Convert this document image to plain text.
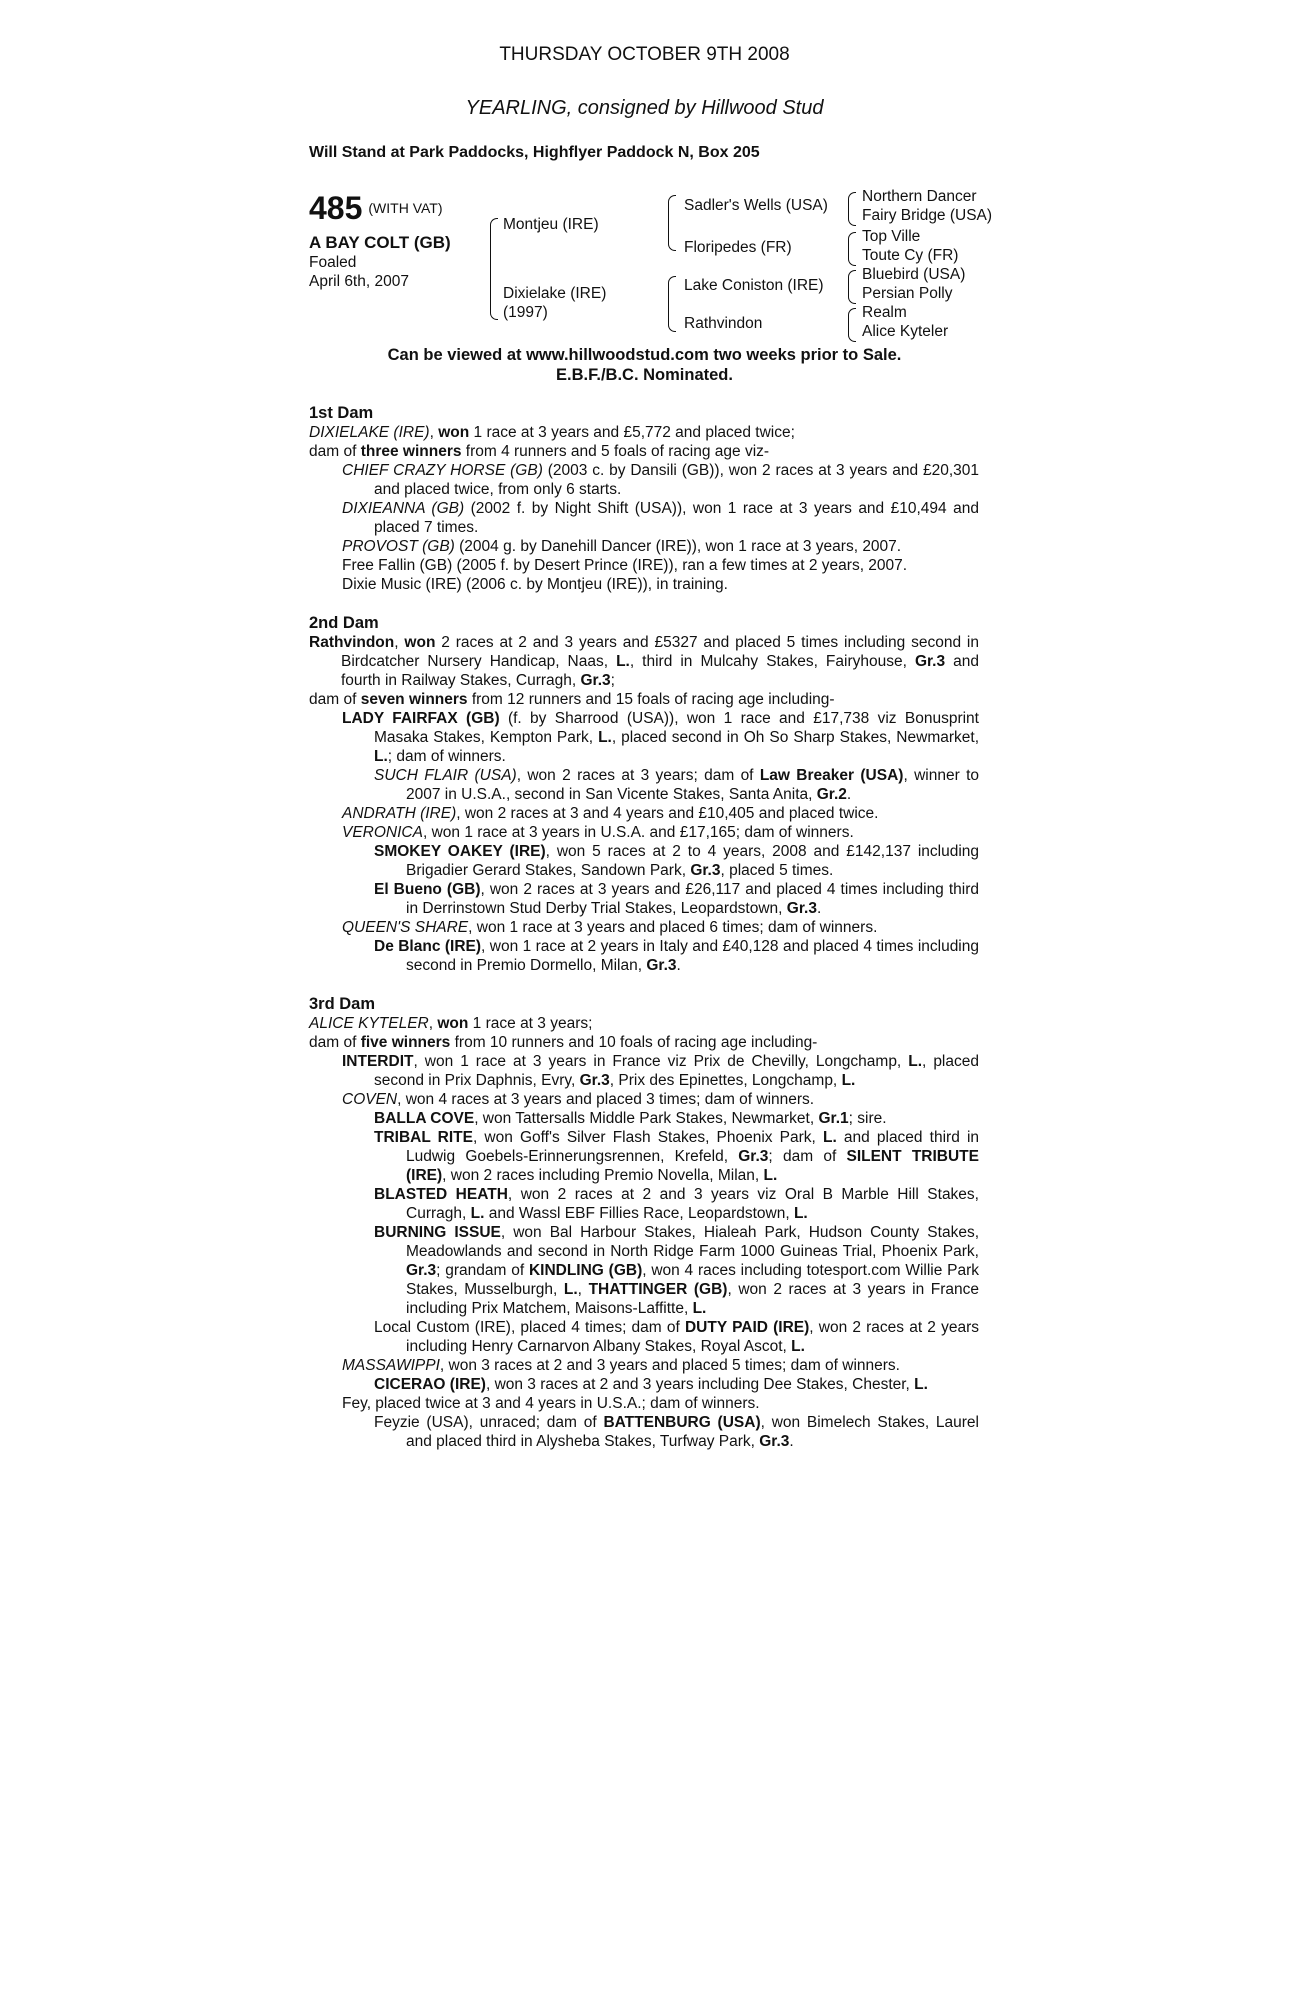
THURSDAY OCTOBER 9TH 2008
YEARLING, consigned by Hillwood Stud
Will Stand at Park Paddocks, Highflyer Paddock N, Box 205
485 (WITH VAT)
A BAY COLT (GB)
Foaled
April 6th, 2007
Montjeu (IRE)
Dixielake (IRE)
(1997)
Sadler's Wells (USA)
Floripedes (FR)
Lake Coniston (IRE)
Rathvindon
Northern Dancer
Fairy Bridge (USA)
Top Ville
Toute Cy (FR)
Bluebird (USA)
Persian Polly
Realm
Alice Kyteler
Can be viewed at www.hillwoodstud.com two weeks prior to Sale.
E.B.F./B.C. Nominated.
1st Dam

DIXIELAKE (IRE), won 1 race at 3 years and £5,772 and placed twice;

dam of three winners from 4 runners and 5 foals of racing age viz-

CHIEF CRAZY HORSE (GB) (2003 c. by Dansili (GB)), won 2 races at 3 years and £20,301 and placed twice, from only 6 starts.

DIXIEANNA (GB) (2002 f. by Night Shift (USA)), won 1 race at 3 years and £10,494 and placed 7 times.

PROVOST (GB) (2004 g. by Danehill Dancer (IRE)), won 1 race at 3 years, 2007.

Free Fallin (GB) (2005 f. by Desert Prince (IRE)), ran a few times at 2 years, 2007.

Dixie Music (IRE) (2006 c. by Montjeu (IRE)), in training.

2nd Dam

Rathvindon, won 2 races at 2 and 3 years and £5327 and placed 5 times including second in Birdcatcher Nursery Handicap, Naas, L., third in Mulcahy Stakes, Fairyhouse, Gr.3 and fourth in Railway Stakes, Curragh, Gr.3;

dam of seven winners from 12 runners and 15 foals of racing age including-

LADY FAIRFAX (GB) (f. by Sharrood (USA)), won 1 race and £17,738 viz Bonusprint Masaka Stakes, Kempton Park, L., placed second in Oh So Sharp Stakes, Newmarket, L.; dam of winners.

SUCH FLAIR (USA), won 2 races at 3 years; dam of Law Breaker (USA), winner to 2007 in U.S.A., second in San Vicente Stakes, Santa Anita, Gr.2.

ANDRATH (IRE), won 2 races at 3 and 4 years and £10,405 and placed twice.

VERONICA, won 1 race at 3 years in U.S.A. and £17,165; dam of winners.

SMOKEY OAKEY (IRE), won 5 races at 2 to 4 years, 2008 and £142,137 including Brigadier Gerard Stakes, Sandown Park, Gr.3, placed 5 times.

El Bueno (GB), won 2 races at 3 years and £26,117 and placed 4 times including third in Derrinstown Stud Derby Trial Stakes, Leopardstown, Gr.3.

QUEEN'S SHARE, won 1 race at 3 years and placed 6 times; dam of winners.

De Blanc (IRE), won 1 race at 2 years in Italy and £40,128 and placed 4 times including second in Premio Dormello, Milan, Gr.3.

3rd Dam

ALICE KYTELER, won 1 race at 3 years;

dam of five winners from 10 runners and 10 foals of racing age including-

INTERDIT, won 1 race at 3 years in France viz Prix de Chevilly, Longchamp, L., placed second in Prix Daphnis, Evry, Gr.3, Prix des Epinettes, Longchamp, L.

COVEN, won 4 races at 3 years and placed 3 times; dam of winners.

BALLA COVE, won Tattersalls Middle Park Stakes, Newmarket, Gr.1; sire.

TRIBAL RITE, won Goff's Silver Flash Stakes, Phoenix Park, L. and placed third in Ludwig Goebels-Erinnerungsrennen, Krefeld, Gr.3; dam of SILENT TRIBUTE (IRE), won 2 races including Premio Novella, Milan, L.

BLASTED HEATH, won 2 races at 2 and 3 years viz Oral B Marble Hill Stakes, Curragh, L. and Wassl EBF Fillies Race, Leopardstown, L.

BURNING ISSUE, won Bal Harbour Stakes, Hialeah Park, Hudson County Stakes, Meadowlands and second in North Ridge Farm 1000 Guineas Trial, Phoenix Park, Gr.3; grandam of KINDLING (GB), won 4 races including totesport.com Willie Park Stakes, Musselburgh, L., THATTINGER (GB), won 2 races at 3 years in France including Prix Matchem, Maisons-Laffitte, L.

Local Custom (IRE), placed 4 times; dam of DUTY PAID (IRE), won 2 races at 2 years including Henry Carnarvon Albany Stakes, Royal Ascot, L.

MASSAWIPPI, won 3 races at 2 and 3 years and placed 5 times; dam of winners.

CICERAO (IRE), won 3 races at 2 and 3 years including Dee Stakes, Chester, L.

Fey, placed twice at 3 and 4 years in U.S.A.; dam of winners.

Feyzie (USA), unraced; dam of BATTENBURG (USA), won Bimelech Stakes, Laurel and placed third in Alysheba Stakes, Turfway Park, Gr.3.
